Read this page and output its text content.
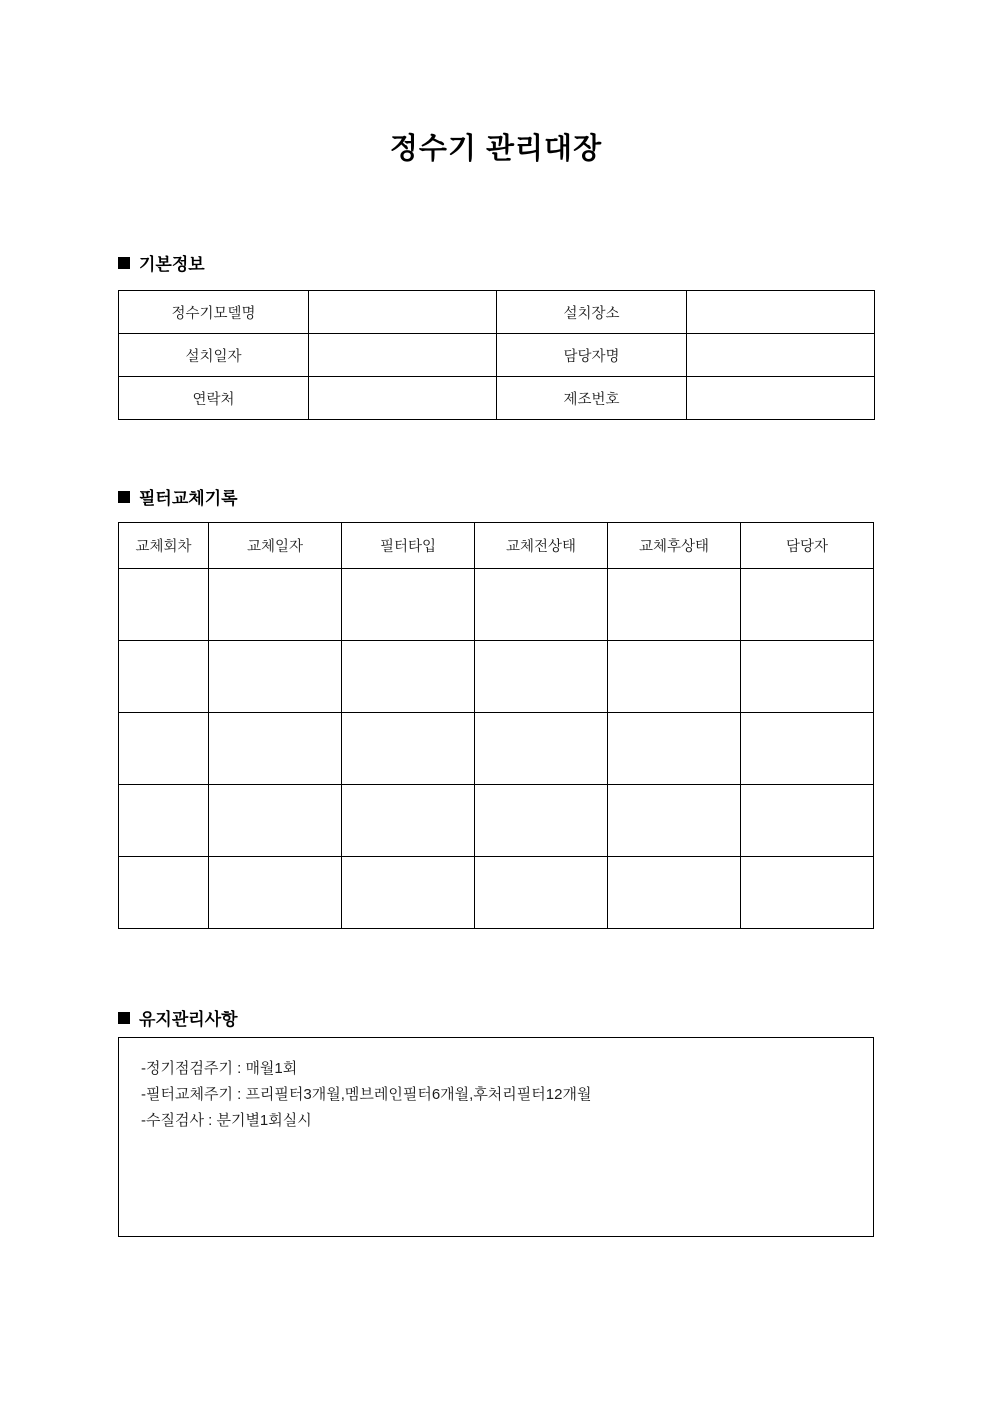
정수기 관리대장
기본정보
정수기모델명		설치장소	
설치일자		담당자명	
연락처		제조번호	
필터교체기록
교체회차	교체일자	필터타입	교체전상태	교체후상태	담당자

유지관리사항
-정기점검주기 : 매월1회
-필터교체주기 : 프리필터3개월,멤브레인필터6개월,후처리필터12개월
-수질검사 : 분기별1회실시
